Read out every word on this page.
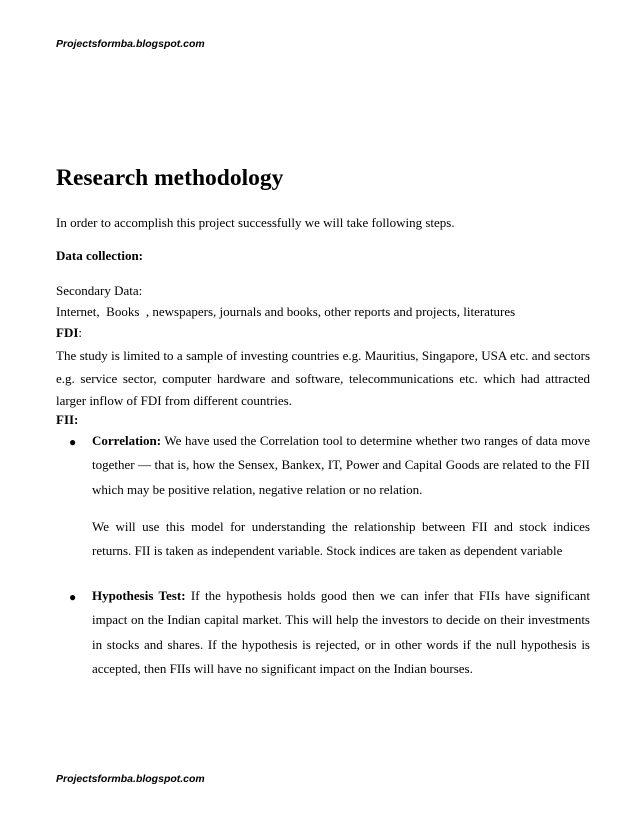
Projectsformba.blogspot.com
Research methodology
In order to accomplish this project successfully we will take following steps.
Data collection:
Secondary Data:
Internet,  Books  , newspapers, journals and books, other reports and projects, literatures
FDI:
The study is limited to a sample of investing countries e.g. Mauritius, Singapore, USA etc. and sectors e.g. service sector, computer hardware and software, telecommunications etc. which had attracted larger inflow of FDI from different countries.
FII:
● Correlation: We have used the Correlation tool to determine whether two ranges of data move together — that is, how the Sensex, Bankex, IT, Power and Capital Goods are related to the FII which may be positive relation, negative relation or no relation.
We will use this model for understanding the relationship between FII and stock indices returns. FII is taken as independent variable. Stock indices are taken as dependent variable
● Hypothesis Test: If the hypothesis holds good then we can infer that FIIs have significant impact on the Indian capital market. This will help the investors to decide on their investments in stocks and shares. If the hypothesis is rejected, or in other words if the null hypothesis is accepted, then FIIs will have no significant impact on the Indian bourses.
Projectsformba.blogspot.com
